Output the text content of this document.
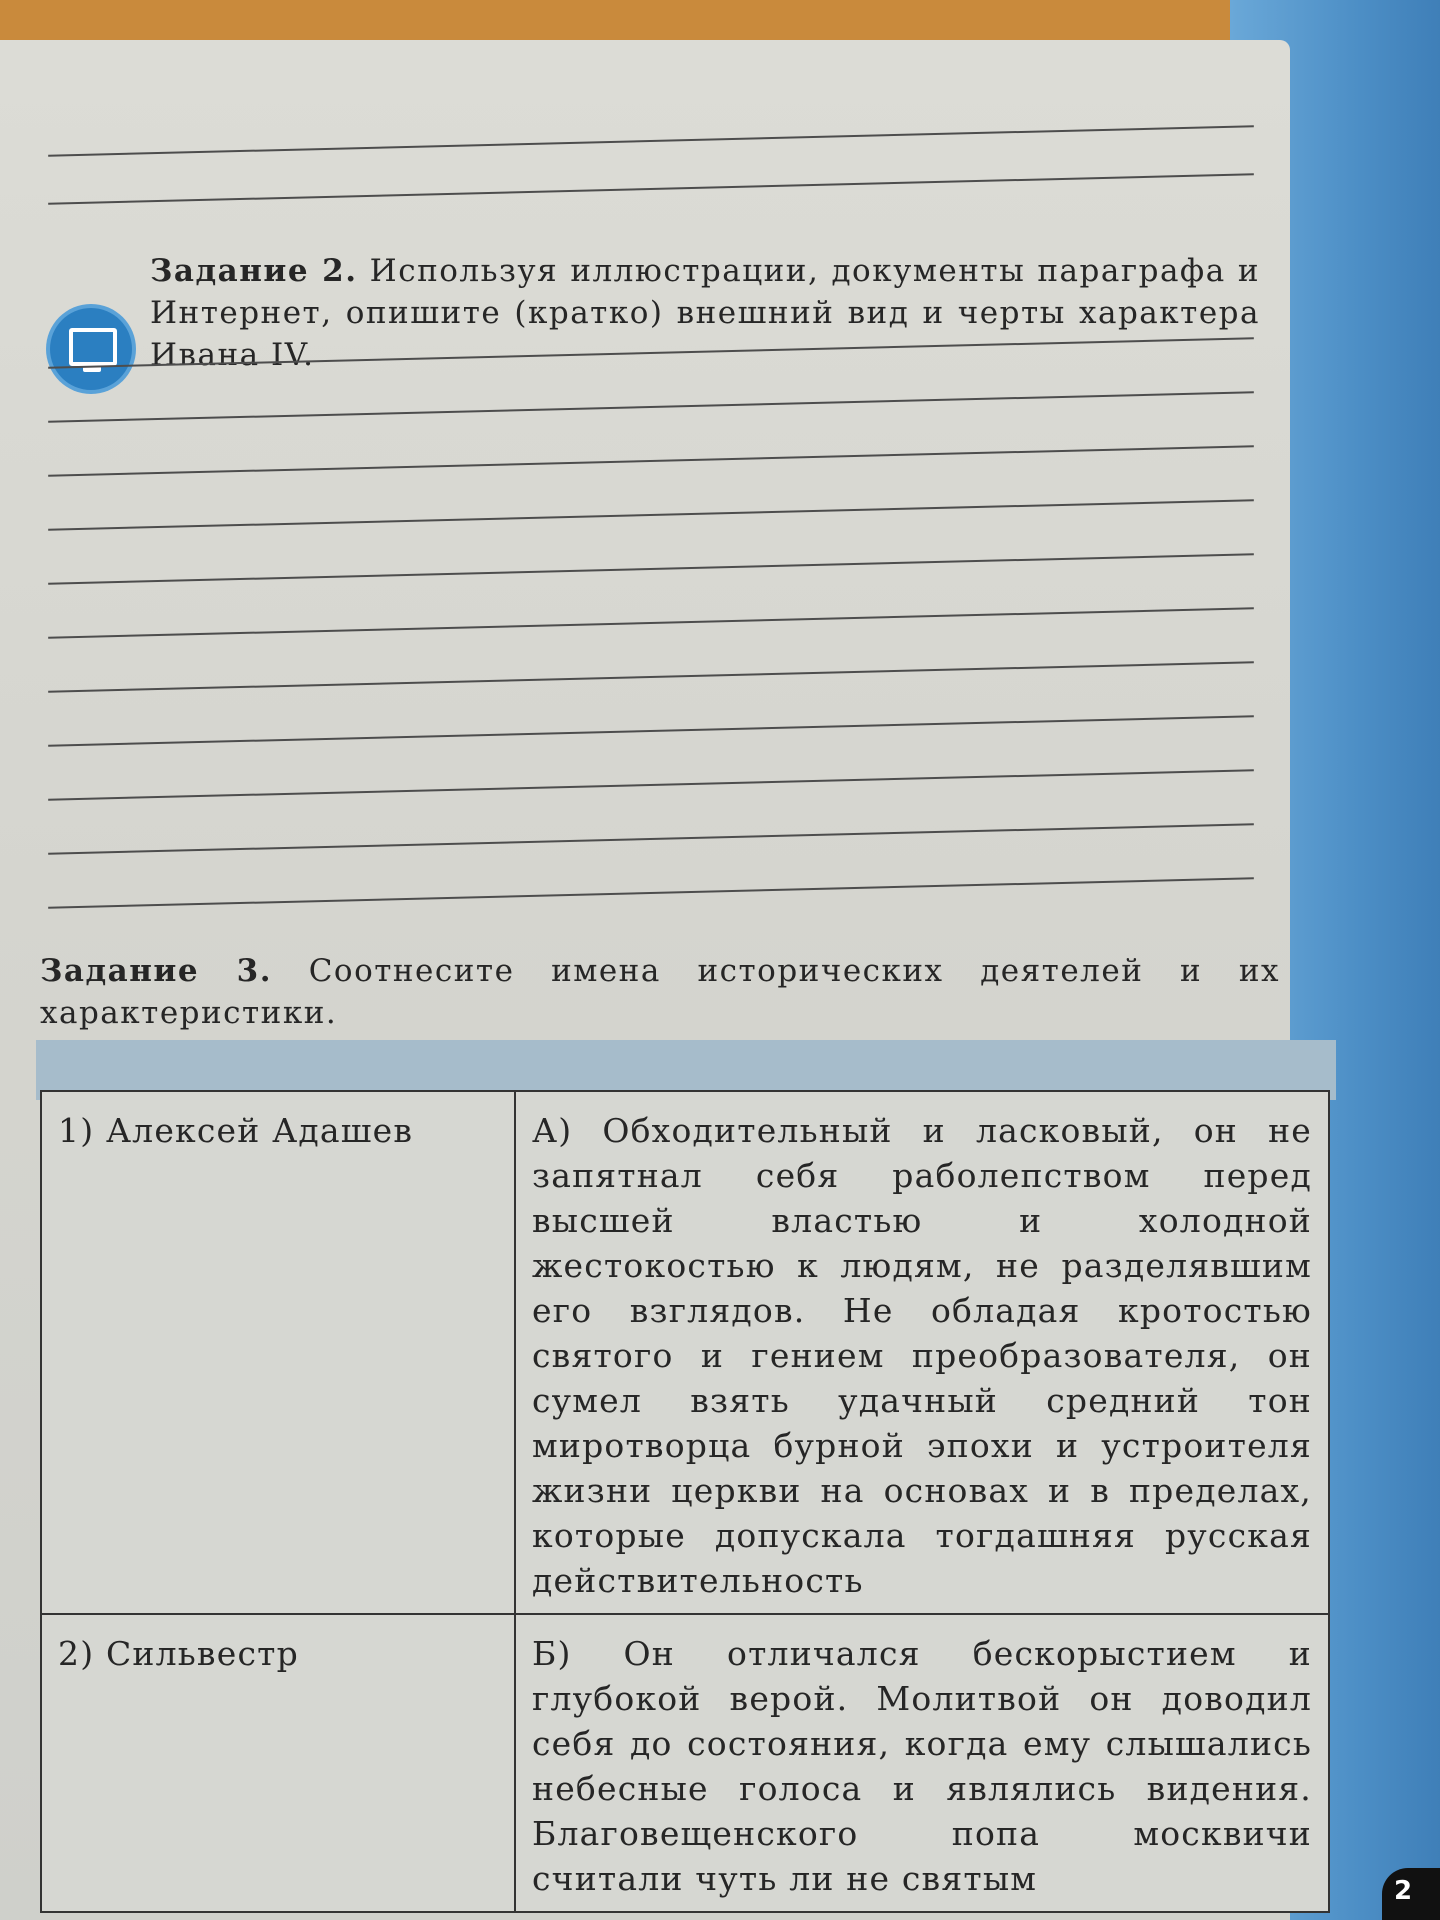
Задание 2. Используя иллюстрации, документы параграфа и Интернет, опишите (кратко) внешний вид и черты характера Ивана IV.
Задание 3. Соотнесите имена исторических деятелей и их характеристики.
1) Алексей Адашев	А) Обходительный и ласковый, он не запятнал себя раболепством перед высшей властью и холодной жестокостью к людям, не разделявшим его взглядов. Не обладая кротостью святого и гением преобразователя, он сумел взять удачный средний тон миротворца бурной эпохи и устроителя жизни церкви на основах и в пределах, которые допускала тогдашняя русская действительность
2) Сильвестр	Б) Он отличался бескорыстием и глубокой верой. Молитвой он доводил себя до состояния, когда ему слышались небесные голоса и являлись видения. Благовещенского попа москвичи считали чуть ли не святым	2
